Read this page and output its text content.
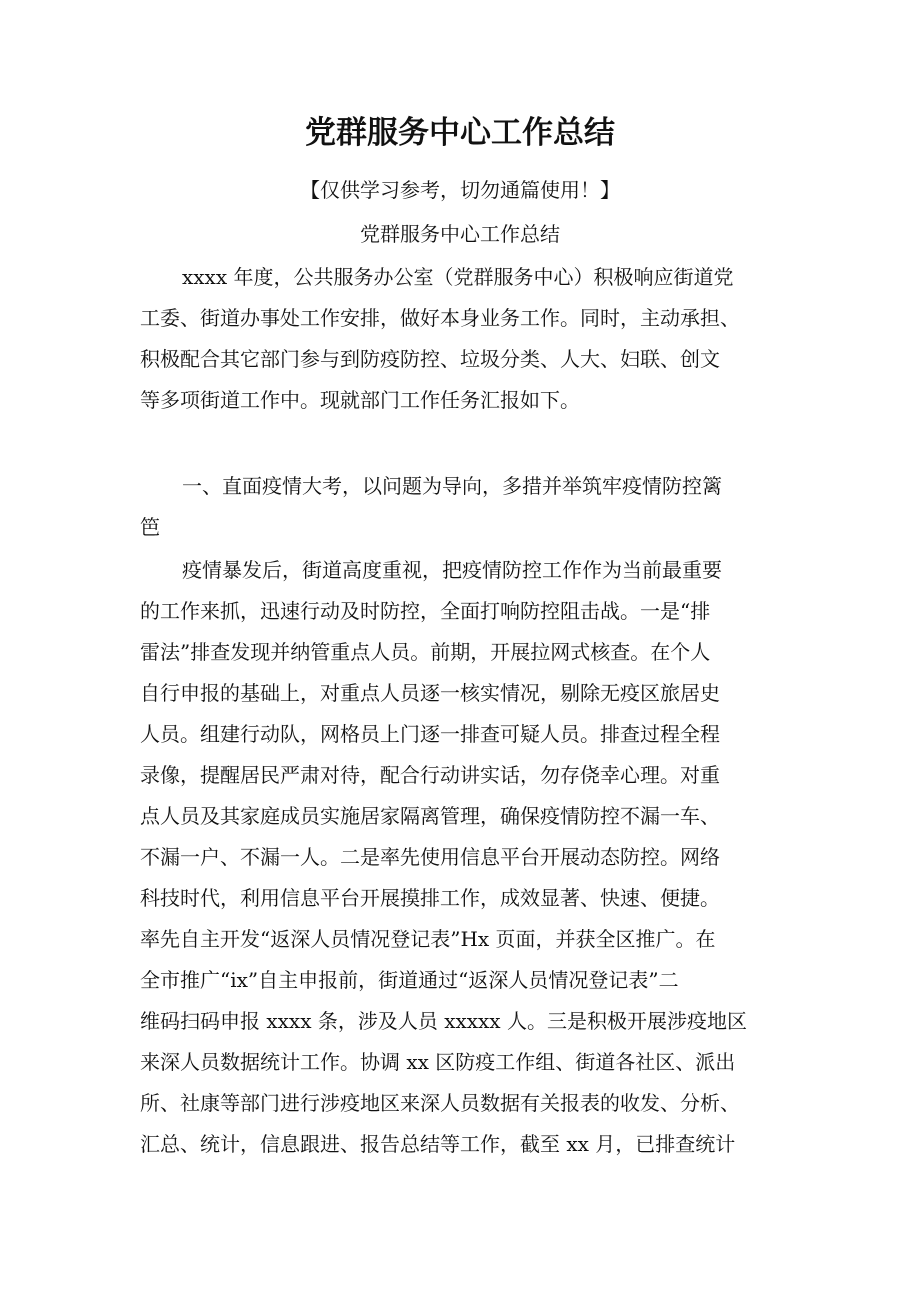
党群服务中心工作总结
【仅供学习参考，切勿通篇使用！】
党群服务中心工作总结
xxxx 年度，公共服务办公室（党群服务中心）积极响应街道党
工委、街道办事处工作安排，做好本身业务工作。同时，主动承担、
积极配合其它部门参与到防疫防控、垃圾分类、人大、妇联、创文
等多项街道工作中。现就部门工作任务汇报如下。
一、直面疫情大考，以问题为导向，多措并举筑牢疫情防控篱
笆
疫情暴发后，街道高度重视，把疫情防控工作作为当前最重要
的工作来抓，迅速行动及时防控，全面打响防控阻击战。一是“排
雷法”排查发现并纳管重点人员。前期，开展拉网式核查。在个人
自行申报的基础上，对重点人员逐一核实情况，剔除无疫区旅居史
人员。组建行动队，网格员上门逐一排查可疑人员。排查过程全程
录像，提醒居民严肃对待，配合行动讲实话，勿存侥幸心理。对重
点人员及其家庭成员实施居家隔离管理，确保疫情防控不漏一车、
不漏一户、不漏一人。二是率先使用信息平台开展动态防控。网络
科技时代，利用信息平台开展摸排工作，成效显著、快速、便捷。
率先自主开发“返深人员情况登记表”Hx 页面，并获全区推广。在
全市推广“ix”自主申报前，街道通过“返深人员情况登记表”二
维码扫码申报 xxxx 条，涉及人员 xxxxx 人。三是积极开展涉疫地区
来深人员数据统计工作。协调 xx 区防疫工作组、街道各社区、派出
所、社康等部门进行涉疫地区来深人员数据有关报表的收发、分析、
汇总、统计，信息跟进、报告总结等工作，截至 xx 月，已排查统计
